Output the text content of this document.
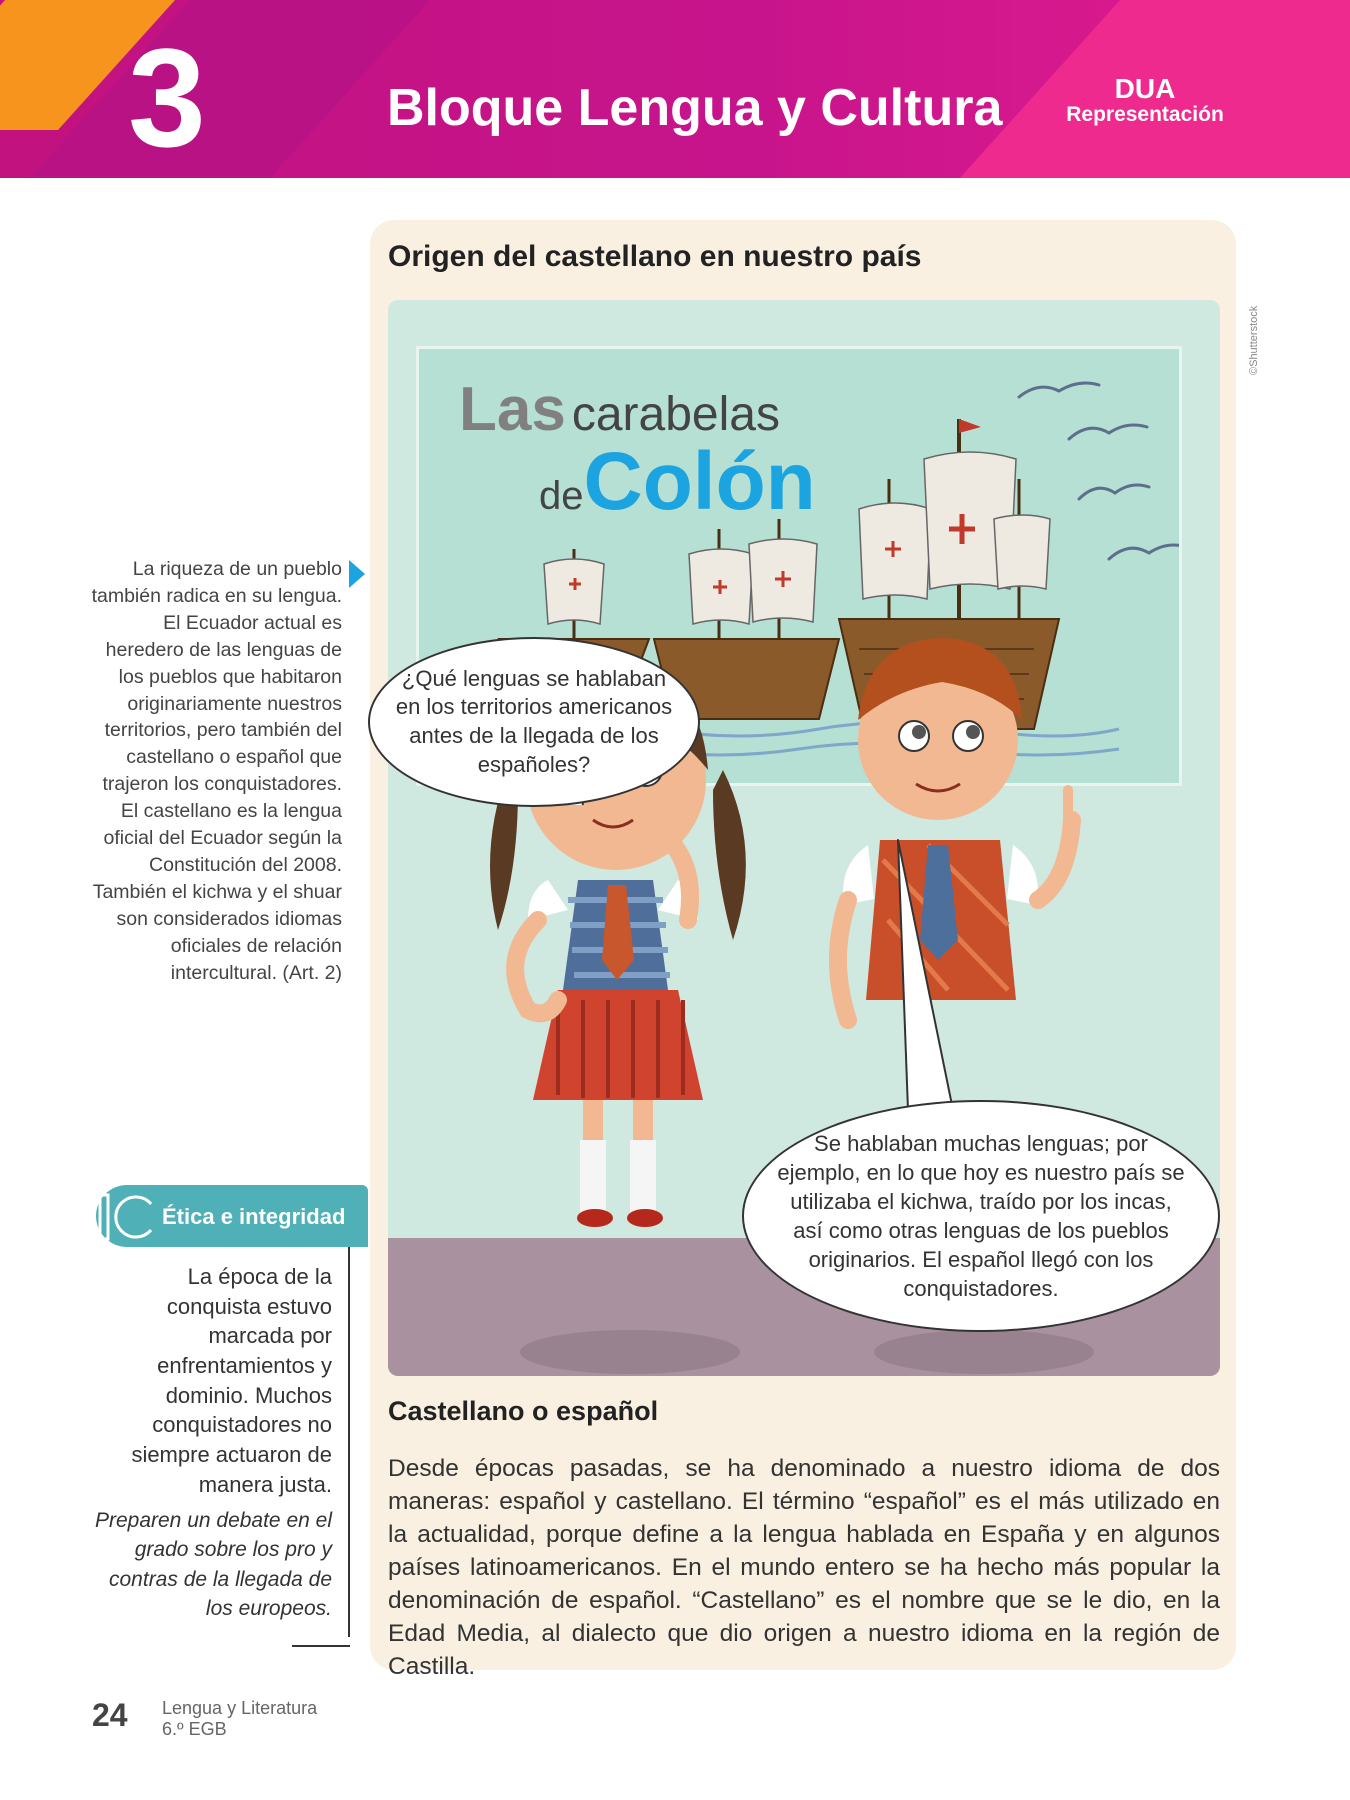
3	Bloque Lengua y Cultura	DUA
Representación
Origen del castellano en nuestro país
©Shutterstock
Las carabelas
deColón
¿Qué lenguas se hablaban en los territorios americanos antes de la llegada de los españoles?
Se hablaban muchas lenguas; por ejemplo, en lo que hoy es nuestro país se utilizaba el kichwa, traído por los incas, así como otras lenguas de los pueblos originarios. El español llegó con los conquistadores.
La riqueza de un pueblo también radica en su lengua. El Ecuador actual es heredero de las lenguas de los pueblos que habitaron originariamente nuestros territorios, pero también del castellano o español que trajeron los conquistadores. El castellano es la lengua oficial del Ecuador según la Constitución del 2008. También el kichwa y el shuar son considerados idiomas oficiales de relación intercultural. (Art. 2)
Ética e integridad
La época de la conquista estuvo marcada por enfrentamientos y dominio. Muchos conquistadores no siempre actuaron de manera justa.
Preparen un debate en el grado sobre los pro y contras de la llegada de los europeos.
Castellano o español
Desde épocas pasadas, se ha denominado a nuestro idioma de dos maneras: español y castellano. El término “español” es el más utilizado en la actualidad, porque define a la lengua hablada en España y en algunos países latinoamericanos. En el mundo entero se ha hecho más popular la denominación de español. “Castellano” es el nombre que se le dio, en la Edad Media, al dialecto que dio origen a nuestro idioma en la región de Castilla.
24 Lengua y Literatura
6.º EGB
